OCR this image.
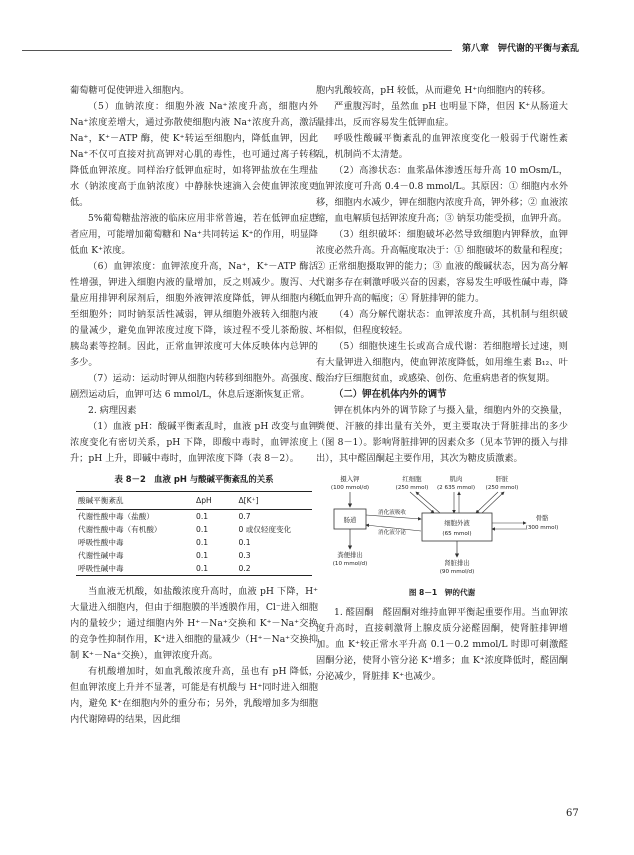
第八章　钾代谢的平衡与紊乱

葡萄糖可促使钾进入细胞内。

（5）血钠浓度：细胞外液 Na⁺浓度升高，细胞内外 Na⁺浓度差增大，通过弥散使细胞内液 Na⁺浓度升高，激活 Na⁺，K⁺－ATP 酶，使 K⁺转运至细胞内，降低血钾，因此 Na⁺不仅可直接对抗高钾对心肌的毒性，也可通过离子转移降低血钾浓度。同样治疗低钾血症时，如将钾盐放在生理盐水（钠浓度高于血钠浓度）中静脉快速滴入会使血钾浓度更低。

5%葡萄糖盐溶液的临床应用非常普遍，若在低钾血症患者应用，可能增加葡萄糖和 Na⁺共同转运 K⁺的作用，明显降低血 K⁺浓度。

（6）血钾浓度：血钾浓度升高，Na⁺，K⁺－ATP 酶活性增强，钾进入细胞内液的量增加，反之则减少。腹泻、大量应用排钾利尿剂后，细胞外液钾浓度降低，钾从细胞内移至细胞外；同时钠泵活性减弱，钾从细胞外液转入细胞内液的量减少，避免血钾浓度过度下降，该过程不受儿茶酚胺、胰岛素等控制。因此，正常血钾浓度可大体反映体内总钾的多少。

（7）运动：运动时钾从细胞内转移到细胞外。高强度、剧烈运动后，血钾可达 6 mmol/L，休息后逐渐恢复正常。

2. 病理因素

（1）血液 pH：酸碱平衡紊乱时，血液 pH 改变与血钾浓度变化有密切关系，pH 下降，即酸中毒时，血钾浓度上升；pH 上升，即碱中毒时，血钾浓度下降（表 8－2）。

表 8－2　血液 pH 与酸碱平衡紊乱的关系
酸碱平衡紊乱	ΔpH	Δ[K⁺]
代谢性酸中毒（盐酸）	0.1	0.7
代谢性酸中毒（有机酸）	0.1	0 或仅轻度变化
呼吸性酸中毒	0.1	0.1
代谢性碱中毒	0.1	0.3
呼吸性碱中毒	0.1	0.2

当血液无机酸，如盐酸浓度升高时，血液 pH 下降，H⁺大量进入细胞内，但由于细胞膜的半透膜作用，Cl⁻进入细胞内的量较少；通过细胞内外 H⁺－Na⁺交换和 K⁺－Na⁺交换的竞争性抑制作用，K⁺进入细胞的量减少（H⁺－Na⁺交换抑制 K⁺－Na⁺交换），血钾浓度升高。

有机酸增加时，如血乳酸浓度升高，虽也有 pH 降低，但血钾浓度上升并不显著，可能是有机酸与 H⁺同时进入细胞内，避免 K⁺在细胞内外的重分布；另外，乳酸增加多为细胞内代谢障碍的结果，因此细

胞内乳酸较高，pH 较低，从而避免 H⁺向细胞内的转移。

严重腹泻时，虽然血 pH 也明显下降，但因 K⁺从肠道大量排出，反而容易发生低钾血症。

呼吸性酸碱平衡紊乱的血钾浓度变化一般弱于代谢性紊乱，机制尚不太清楚。

（2）高渗状态：血浆晶体渗透压每升高 10 mOsm/L，血钾浓度可升高 0.4－0.8 mmol/L。其原因：① 细胞内水外移，细胞内水减少，钾在细胞内浓度升高，钾外移；② 血液浓缩，血电解质包括钾浓度升高；③ 钠泵功能受损，血钾升高。

（3）组织破坏：细胞破坏必然导致细胞内钾释放，血钾浓度必然升高。升高幅度取决于：① 细胞破坏的数量和程度；② 正常细胞摄取钾的能力；③ 血液的酸碱状态，因为高分解代谢多存在刺激呼吸兴奋的因素，容易发生呼吸性碱中毒，降低血钾升高的幅度；④ 肾脏排钾的能力。

（4）高分解代谢状态：血钾浓度升高，其机制与组织破坏相似，但程度较轻。

（5）细胞快速生长或高合成代谢：若细胞增长过速，则有大量钾进入细胞内，使血钾浓度降低，如用维生素 B₁₂、叶酸治疗巨细胞贫血，或感染、创伤、危重病患者的恢复期。

（二）钾在机体内外的调节

钾在机体内外的调节除了与摄入量，细胞内外的交换量，粪便、汗腋的排出量有关外，更主要取决于肾脏排出的多少（图 8－1）。影响肾脏排钾的因素众多（见本节钾的摄入与排出），其中醛固酮起主要作用，其次为糖皮质激素。

摄入钾
(100 mmol/d)
红细胞
(250 mmol)
肌肉
(2 635 mmol)
肝脏
(250 mmol)
肠道	细胞外液
(65 mmol)
消化液吸收
消化液分泌
骨骼
(300 mmol)
肾脏排出
(90 mmol/d)
粪便排出
(10 mmol/d)
图 8－1　钾的代谢

1. 醛固酮　醛固酮对维持血钾平衡起重要作用。当血钾浓度升高时，直接刺激肾上腺皮质分泌醛固酮，使肾脏排钾增加。血 K⁺较正常水平升高 0.1－0.2 mmol/L 时即可刺激醛固酮分泌，使肾小管分泌 K⁺增多；血 K⁺浓度降低时，醛固酮分泌减少，肾脏排 K⁺也减少。

67
